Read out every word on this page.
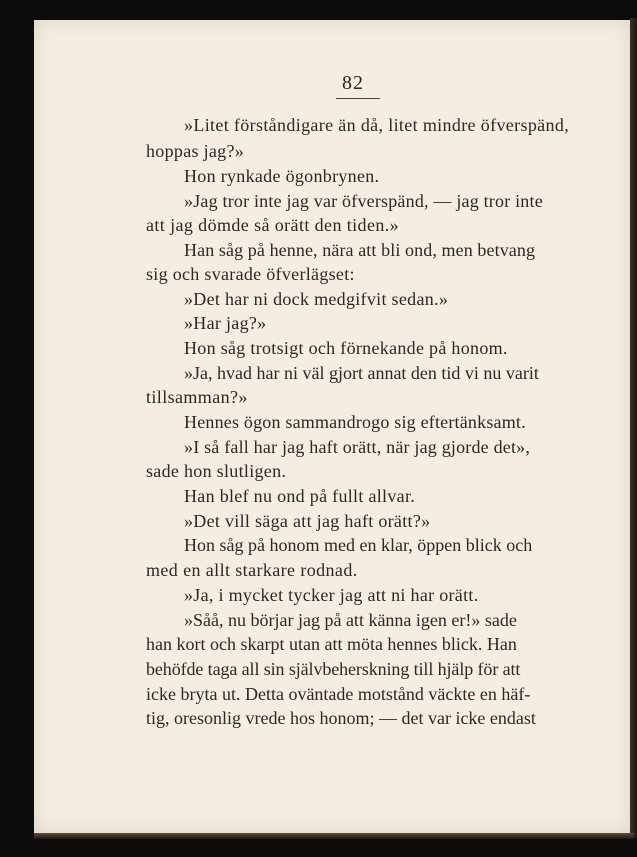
82
»Litet förståndigare än då, litet mindre öfverspänd,
hoppas jag?»
Hon rynkade ögonbrynen.
»Jag tror inte jag var öfverspänd, — jag tror inte
att jag dömde så orätt den tiden.»
Han såg på henne, nära att bli ond, men betvang
sig och svarade öfverlägset:
»Det har ni dock medgifvit sedan.»
»Har jag?»
Hon såg trotsigt och förnekande på honom.
»Ja, hvad har ni väl gjort annat den tid vi nu varit
tillsamman?»
Hennes ögon sammandrogo sig eftertänksamt.
»I så fall har jag haft orätt, när jag gjorde det»,
sade hon slutligen.
Han blef nu ond på fullt allvar.
»Det vill säga att jag haft orätt?»
Hon såg på honom med en klar, öppen blick och
med en allt starkare rodnad.
»Ja, i mycket tycker jag att ni har orätt.
»Såå, nu börjar jag på att känna igen er!» sade
han kort och skarpt utan att möta hennes blick. Han
behöfde taga all sin självbeherskning till hjälp för att
icke bryta ut. Detta oväntade motstånd väckte en häf-
tig, oresonlig vrede hos honom; — det var icke endast
